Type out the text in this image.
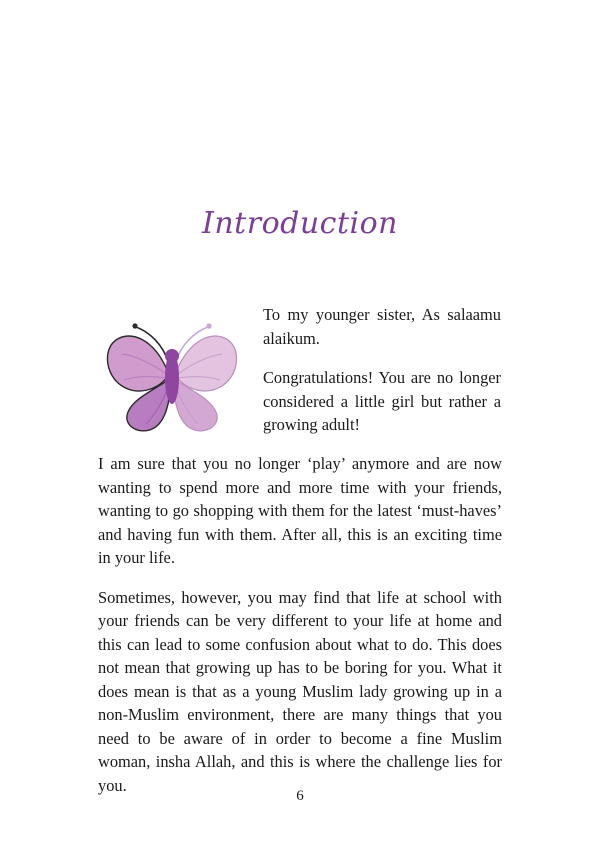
Introduction

To my younger sister, As salaamu alaikum.

Congratulations! You are no longer considered a little girl but rather a growing adult!

I am sure that you no longer ‘play’ anymore and are now wanting to spend more and more time with your friends, wanting to go shopping with them for the latest ‘must-haves’ and having fun with them. After all, this is an exciting time in your life.

Sometimes, however, you may find that life at school with your friends can be very different to your life at home and this can lead to some confusion about what to do. This does not mean that growing up has to be boring for you. What it does mean is that as a young Muslim lady growing up in a non-Muslim environment, there are many things that you need to be aware of in order to become a fine Muslim woman, insha Allah, and this is where the challenge lies for you.

6
